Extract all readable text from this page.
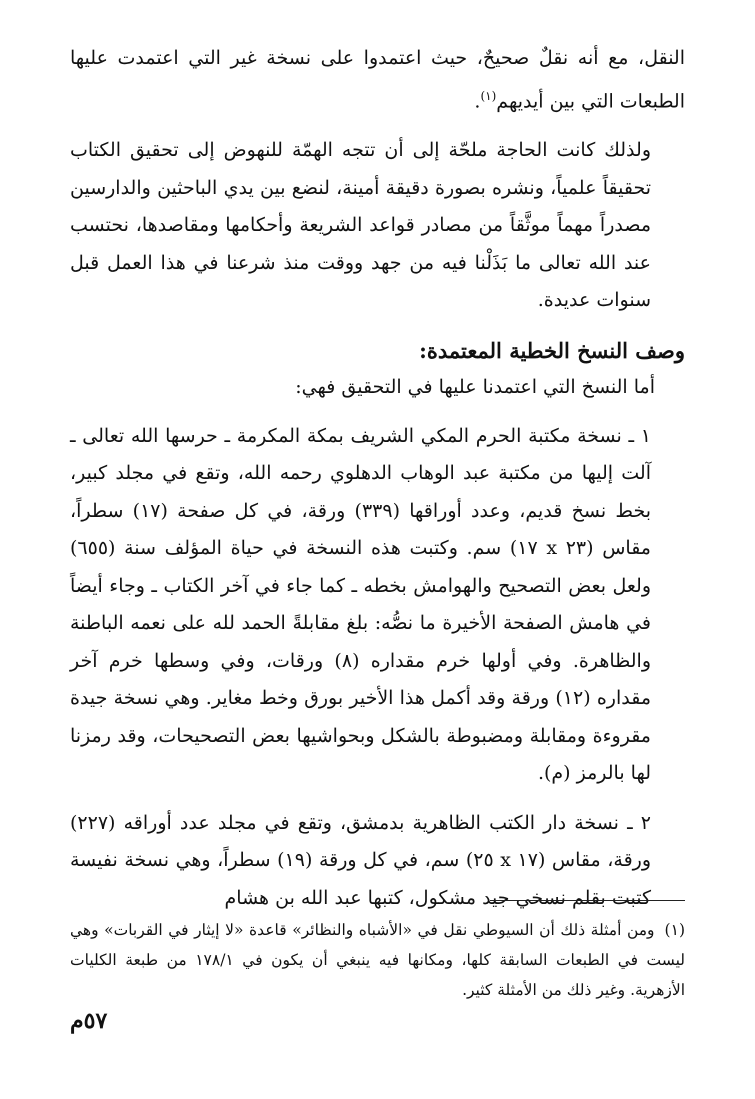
النقل، مع أنه نقلٌ صحيحٌ، حيث اعتمدوا على نسخة غير التي اعتمدت عليها الطبعات التي بين أيديهم$^{(١)}$.

ولذلك كانت الحاجة ملحّة إلى أن تتجه الهمّة للنهوض إلى تحقيق الكتاب تحقيقاً علمياً، ونشره بصورة دقيقة أمينة، لنضع بين يدي الباحثين والدارسين مصدراً مهماً موثَّقاً من مصادر قواعد الشريعة وأحكامها ومقاصدها، نحتسب عند الله تعالى ما بَذَلْنا فيه من جهد ووقت منذ شرعنا في هذا العمل قبل سنوات عديدة.

وصف النسخ الخطية المعتمدة:

أما النسخ التي اعتمدنا عليها في التحقيق فهي:

١ ـ نسخة مكتبة الحرم المكي الشريف بمكة المكرمة ـ حرسها الله تعالى ـ آلت إليها من مكتبة عبد الوهاب الدهلوي رحمه الله، وتقع في مجلد كبير، بخط نسخ قديم، وعدد أوراقها (٣٣٩) ورقة، في كل صفحة (١٧) سطراً، مقاس (٢٣ x ١٧) سم. وكتبت هذه النسخة في حياة المؤلف سنة (٦٥٥) ولعل بعض التصحيح والهوامش بخطه ـ كما جاء في آخر الكتاب ـ وجاء أيضاً في هامش الصفحة الأخيرة ما نصُّه: بلغ مقابلةً الحمد لله على نعمه الباطنة والظاهرة. وفي أولها خرم مقداره (٨) ورقات، وفي وسطها خرم آخر مقداره (١٢) ورقة وقد أكمل هذا الأخير بورق وخط مغاير. وهي نسخة جيدة مقروءة ومقابلة ومضبوطة بالشكل وبحواشيها بعض التصحيحات، وقد رمزنا لها بالرمز (م).

٢ ـ نسخة دار الكتب الظاهرية بدمشق، وتقع في مجلد عدد أوراقه (٢٢٧) ورقة، مقاس (١٧ x ٢٥) سم، في كل ورقة (١٩) سطراً، وهي نسخة نفيسة كتبت بقلم نسخي جيد مشكول، كتبها عبد الله بن هشام

(١)ومن أمثلة ذلك أن السيوطي نقل في «الأشباه والنظائر» قاعدة «لا إيثار في القربات» وهي ليست في الطبعات السابقة كلها، ومكانها فيه ينبغي أن يكون في ١٧٨/١ من طبعة الكليات الأزهرية. وغير ذلك من الأمثلة كثير.
٥٧م
